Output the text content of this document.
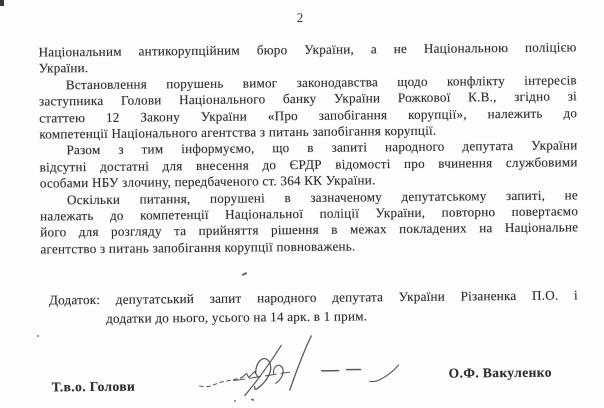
2
Національним антикорупційним бюро України, а не Національною поліцією
України.
Встановлення порушень вимог законодавства щодо конфлікту інтересів
заступника Голови Національного банку України Рожкової К.В., згідно зі
статтею 12 Закону України «Про запобігання корупції», належить до
компетенції Національного агентства з питань запобігання корупції.
Разом з тим інформуємо, що в запиті народного депутата України
відсутні достатні для внесення до ЄРДР відомості про вчинення службовими
особами НБУ злочину, передбаченого ст. 364 КК України.
Оскільки питання, порушені в зазначеному депутатському запиті, не
належать до компетенції Національної поліції України, повторно повертаємо
його для розгляду та прийняття рішення в межах покладених на Національне
агентство з питань запобігання корупції повноважень.
Додаток: депутатський запит народного депутата України Різаненка П.О. і
додатки до нього, усього на 14 арк. в 1 прим.
Т.в.о. Голови
О.Ф. Вакуленко
